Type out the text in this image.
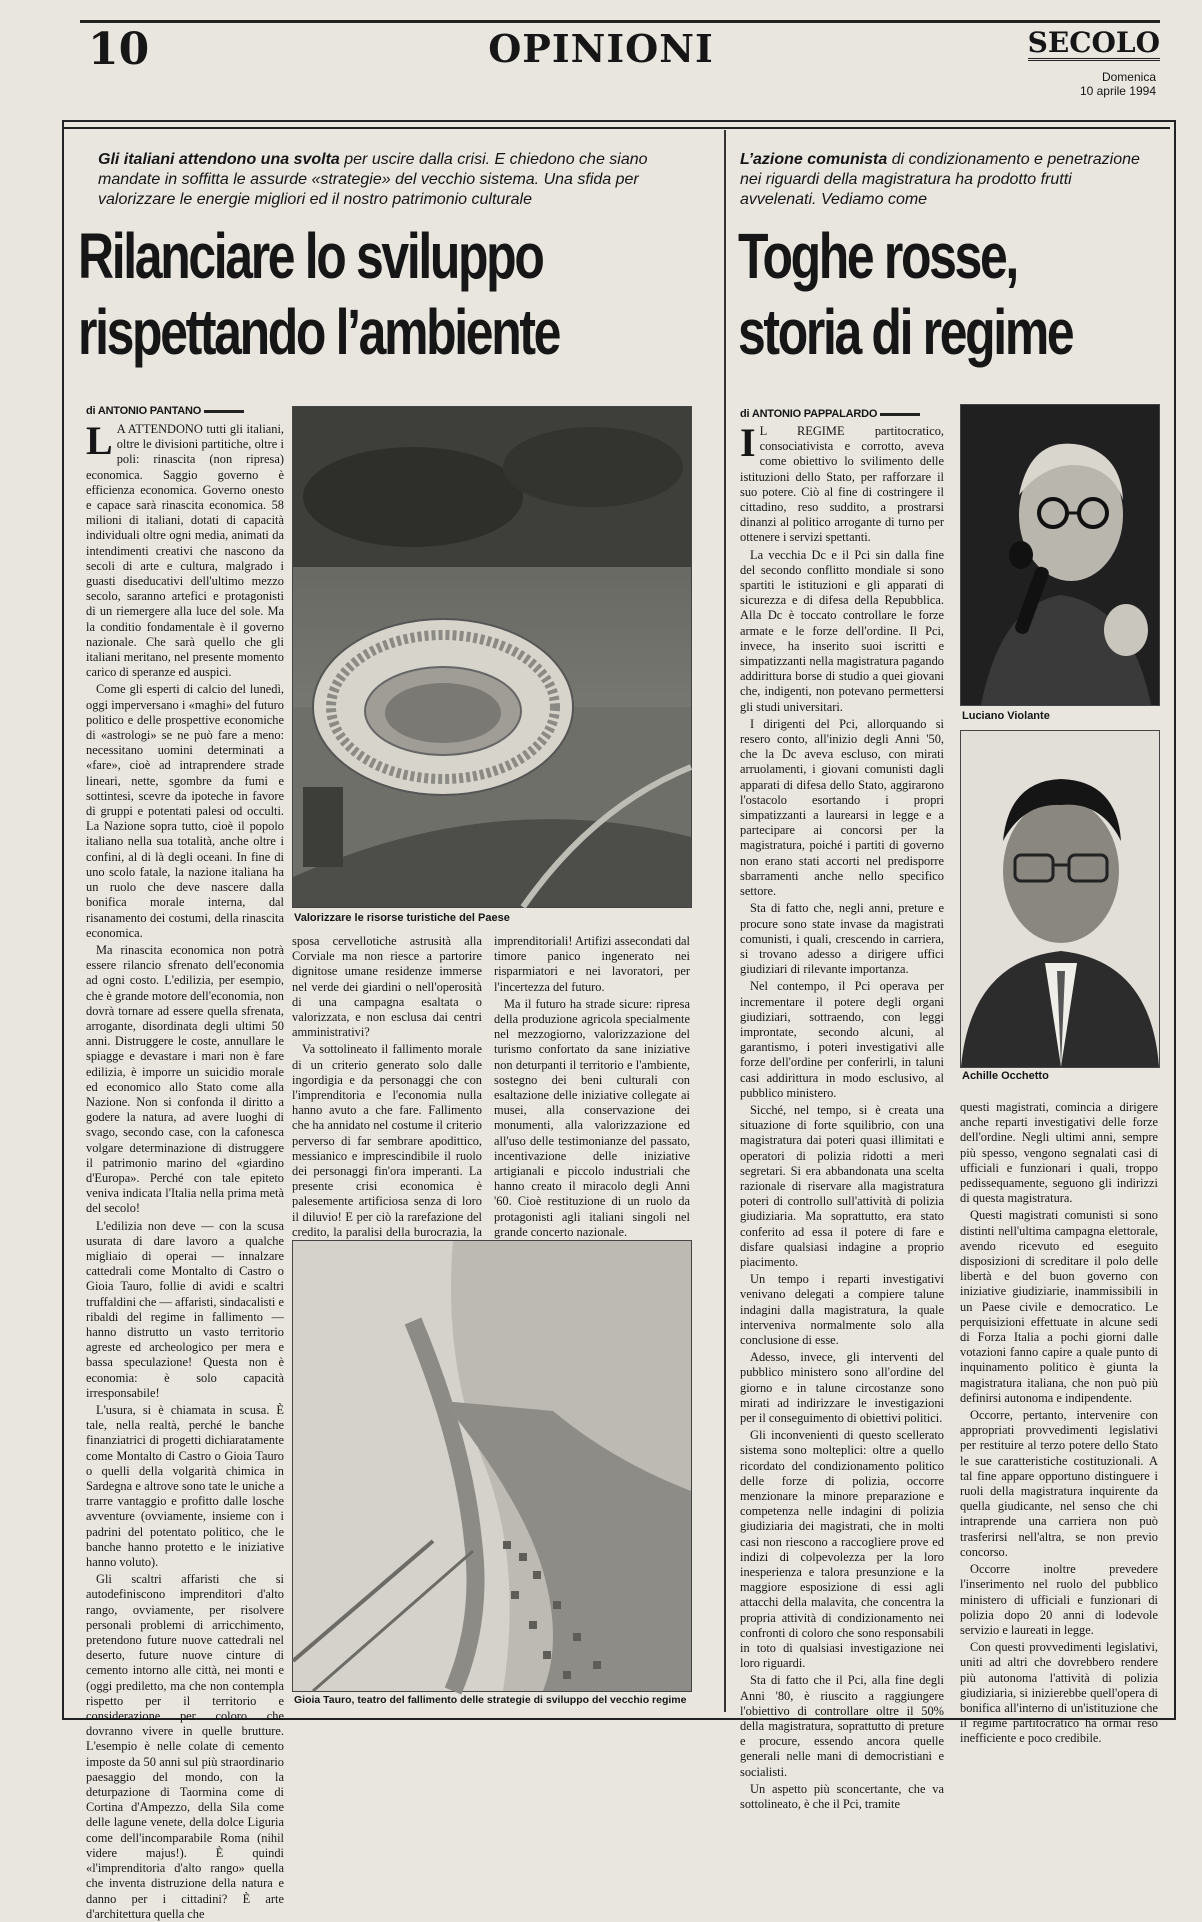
10	OPINIONI	SECOLO
Domenica
10 aprile 1994
Gli italiani attendono una svolta per uscire dalla crisi. E chiedono che siano mandate in soffitta le assurde «strategie» del vecchio sistema. Una sfida per valorizzare le energie migliori ed il nostro patrimonio culturale
Rilanciare lo sviluppo
rispettando l’ambiente
di ANTONIO PANTANO

L A ATTENDONO tutti gli italiani, oltre le divisioni partitiche, oltre i poli: rinascita (non ripresa) economica. Saggio governo è efficienza economica. Governo onesto e capace sarà rinascita economica. 58 milioni di italiani, dotati di capacità individuali oltre ogni media, animati da intendimenti creativi che nascono da secoli di arte e cultura, malgrado i guasti diseducativi dell'ultimo mezzo secolo, saranno artefici e protagonisti di un riemergere alla luce del sole. Ma la conditio fondamentale è il governo nazionale. Che sarà quello che gli italiani meritano, nel presente momento carico di speranze ed auspici.

Come gli esperti di calcio del lunedì, oggi imperversano i «maghi» del futuro politico e delle prospettive economiche di «astrologi» se ne può fare a meno: necessitano uomini determinati a «fare», cioè ad intraprendere strade lineari, nette, sgombre da fumi e sottintesi, scevre da ipoteche in favore di gruppi e potentati palesi od occulti. La Nazione sopra tutto, cioè il popolo italiano nella sua totalità, anche oltre i confini, al di là degli oceani. In fine di uno scolo fatale, la nazione italiana ha un ruolo che deve nascere dalla bonifica morale interna, dal risanamento dei costumi, della rinascita economica.

Ma rinascita economica non potrà essere rilancio sfrenato dell'economia ad ogni costo. L'edilizia, per esempio, che è grande motore dell'economia, non dovrà tornare ad essere quella sfrenata, arrogante, disordinata degli ultimi 50 anni. Distruggere le coste, annullare le spiagge e devastare i mari non è fare edilizia, è imporre un suicidio morale ed economico allo Stato come alla Nazione. Non si confonda il diritto a godere la natura, ad avere luoghi di svago, secondo case, con la cafonesca volgare determinazione di distruggere il patrimonio marino del «giardino d'Europa». Perché con tale epiteto veniva indicata l'Italia nella prima metà del secolo!

L'edilizia non deve — con la scusa usurata di dare lavoro a qualche migliaio di operai — innalzare cattedrali come Montalto di Castro o Gioia Tauro, follie di avidi e scaltri truffaldini che — affaristi, sindacalisti e ribaldi del regime in fallimento — hanno distrutto un vasto territorio agreste ed archeologico per mera e bassa speculazione! Questa non è economia: è solo capacità irresponsabile!

L'usura, si è chiamata in scusa. È tale, nella realtà, perché le banche finanziatrici di progetti dichiaratamente come Montalto di Castro o Gioia Tauro o quelli della volgarità chimica in Sardegna e altrove sono tate le uniche a trarre vantaggio e profitto dalle losche avventure (ovviamente, insieme con i padrini del potentato politico, che le banche hanno protetto e le iniziative hanno voluto).

Gli scaltri affaristi che si autodefiniscono imprenditori d'alto rango, ovviamente, per risolvere personali problemi di arricchimento, pretendono future nuove cattedrali nel deserto, future nuove cinture di cemento intorno alle città, nei monti e (oggi prediletto, ma che non contempla rispetto per il territorio e considerazione per coloro che dovranno vivere in quelle brutture. L'esempio è nelle colate di cemento imposte da 50 anni sul più straordinario paesaggio del mondo, con la deturpazione di Taormina come di Cortina d'Ampezzo, della Sila come delle lagune venete, della dolce Liguria come dell'incomparabile Roma (nihil videre majus!). È quindi «l'imprenditoria d'alto rango» quella che inventa distruzione della natura e danno per i cittadini? È arte d'architettura quella che

Valorizzare le risorse turistiche del Paese

sposa cervellotiche astrusità alla Corviale ma non riesce a partorire dignitose umane residenze immerse nel verde dei giardini o nell'operosità di una campagna esaltata o valorizzata, e non esclusa dai centri amministrativi?

Va sottolineato il fallimento morale di un criterio generato solo dalle ingordigia e da personaggi che con l'imprenditoria e l'economia nulla hanno avuto a che fare. Fallimento che ha annidato nel costume il criterio perverso di far sembrare apodittico, messianico e imprescindibile il ruolo dei personaggi fin'ora imperanti. La presente crisi economica è palesemente artificiosa senza di loro il diluvio! E per ciò la rarefazione del credito, la paralisi della burocrazia, la

imprenditoriali! Artifizi assecondati dal timore panico ingenerato nei risparmiatori e nei lavoratori, per l'incertezza del futuro.

Ma il futuro ha strade sicure: ripresa della produzione agricola specialmente nel mezzogiorno, valorizzazione del turismo confortato da sane iniziative non deturpanti il territorio e l'ambiente, sostegno dei beni culturali con esaltazione delle iniziative collegate ai musei, alla conservazione dei monumenti, alla valorizzazione ed all'uso delle testimonianze del passato, incentivazione delle iniziative artigianali e piccolo industriali che hanno creato il miracolo degli Anni '60. Cioè restituzione di un ruolo da protagonisti agli italiani singoli nel grande concerto nazionale.

Gioia Tauro, teatro del fallimento delle strategie di sviluppo del vecchio regime
L’azione comunista di condizionamento e penetrazione nei riguardi della magistratura ha prodotto frutti avvelenati. Vediamo come
Toghe rosse,
storia di regime
di ANTONIO PAPPALARDO

I L REGIME partitocratico, consociativista e corrotto, aveva come obiettivo lo svilimento delle istituzioni dello Stato, per rafforzare il suo potere. Ciò al fine di costringere il cittadino, reso suddito, a prostrarsi dinanzi al politico arrogante di turno per ottenere i servizi spettanti.

La vecchia Dc e il Pci sin dalla fine del secondo conflitto mondiale si sono spartiti le istituzioni e gli apparati di sicurezza e di difesa della Repubblica. Alla Dc è toccato controllare le forze armate e le forze dell'ordine. Il Pci, invece, ha inserito suoi iscritti e simpatizzanti nella magistratura pagando addirittura borse di studio a quei giovani che, indigenti, non potevano permettersi gli studi universitari.

I dirigenti del Pci, allorquando si resero conto, all'inizio degli Anni '50, che la Dc aveva escluso, con mirati arruolamenti, i giovani comunisti dagli apparati di difesa dello Stato, aggirarono l'ostacolo esortando i propri simpatizzanti a laurearsi in legge e a partecipare ai concorsi per la magistratura, poiché i partiti di governo non erano stati accorti nel predisporre sbarramenti anche nello specifico settore.

Sta di fatto che, negli anni, preture e procure sono state invase da magistrati comunisti, i quali, crescendo in carriera, si trovano adesso a dirigere uffici giudiziari di rilevante importanza.

Nel contempo, il Pci operava per incrementare il potere degli organi giudiziari, sottraendo, con leggi improntate, secondo alcuni, al garantismo, i poteri investigativi alle forze dell'ordine per conferirli, in taluni casi addirittura in modo esclusivo, al pubblico ministero.

Sicché, nel tempo, si è creata una situazione di forte squilibrio, con una magistratura dai poteri quasi illimitati e operatori di polizia ridotti a meri segretari. Si era abbandonata una scelta razionale di riservare alla magistratura poteri di controllo sull'attività di polizia giudiziaria. Ma soprattutto, era stato conferito ad essa il potere di fare e disfare qualsiasi indagine a proprio piacimento.

Un tempo i reparti investigativi venivano delegati a compiere talune indagini dalla magistratura, la quale interveniva normalmente solo alla conclusione di esse.

Adesso, invece, gli interventi del pubblico ministero sono all'ordine del giorno e in talune circostanze sono mirati ad indirizzare le investigazioni per il conseguimento di obiettivi politici.

Gli inconvenienti di questo scellerato sistema sono molteplici: oltre a quello ricordato del condizionamento politico delle forze di polizia, occorre menzionare la minore preparazione e competenza nelle indagini di polizia giudiziaria dei magistrati, che in molti casi non riescono a raccogliere prove ed indizi di colpevolezza per la loro inesperienza e talora presunzione e la maggiore esposizione di essi agli attacchi della malavita, che concentra la propria attività di condizionamento nei confronti di coloro che sono responsabili in toto di qualsiasi investigazione nei loro riguardi.

Sta di fatto che il Pci, alla fine degli Anni '80, è riuscito a raggiungere l'obiettivo di controllare oltre il 50% della magistratura, soprattutto di preture e procure, essendo ancora quelle generali nelle mani di democristiani e socialisti.

Un aspetto più sconcertante, che va sottolineato, è che il Pci, tramite

Luciano Violante
Achille Occhetto

questi magistrati, comincia a dirigere anche reparti investigativi delle forze dell'ordine. Negli ultimi anni, sempre più spesso, vengono segnalati casi di ufficiali e funzionari i quali, troppo pedissequamente, seguono gli indirizzi di questa magistratura.

Questi magistrati comunisti si sono distinti nell'ultima campagna elettorale, avendo ricevuto ed eseguito disposizioni di screditare il polo delle libertà e del buon governo con iniziative giudiziarie, inammissibili in un Paese civile e democratico. Le perquisizioni effettuate in alcune sedi di Forza Italia a pochi giorni dalle votazioni fanno capire a quale punto di inquinamento politico è giunta la magistratura italiana, che non può più definirsi autonoma e indipendente.

Occorre, pertanto, intervenire con appropriati provvedimenti legislativi per restituire al terzo potere dello Stato le sue caratteristiche costituzionali. A tal fine appare opportuno distinguere i ruoli della magistratura inquirente da quella giudicante, nel senso che chi intraprende una carriera non può trasferirsi nell'altra, se non previo concorso.

Occorre inoltre prevedere l'inserimento nel ruolo del pubblico ministero di ufficiali e funzionari di polizia dopo 20 anni di lodevole servizio e laureati in legge.

Con questi provvedimenti legislativi, uniti ad altri che dovrebbero rendere più autonoma l'attività di polizia giudiziaria, si inizierebbe quell'opera di bonifica all'interno di un'istituzione che il regime partitocratico ha ormai reso inefficiente e poco credibile.
